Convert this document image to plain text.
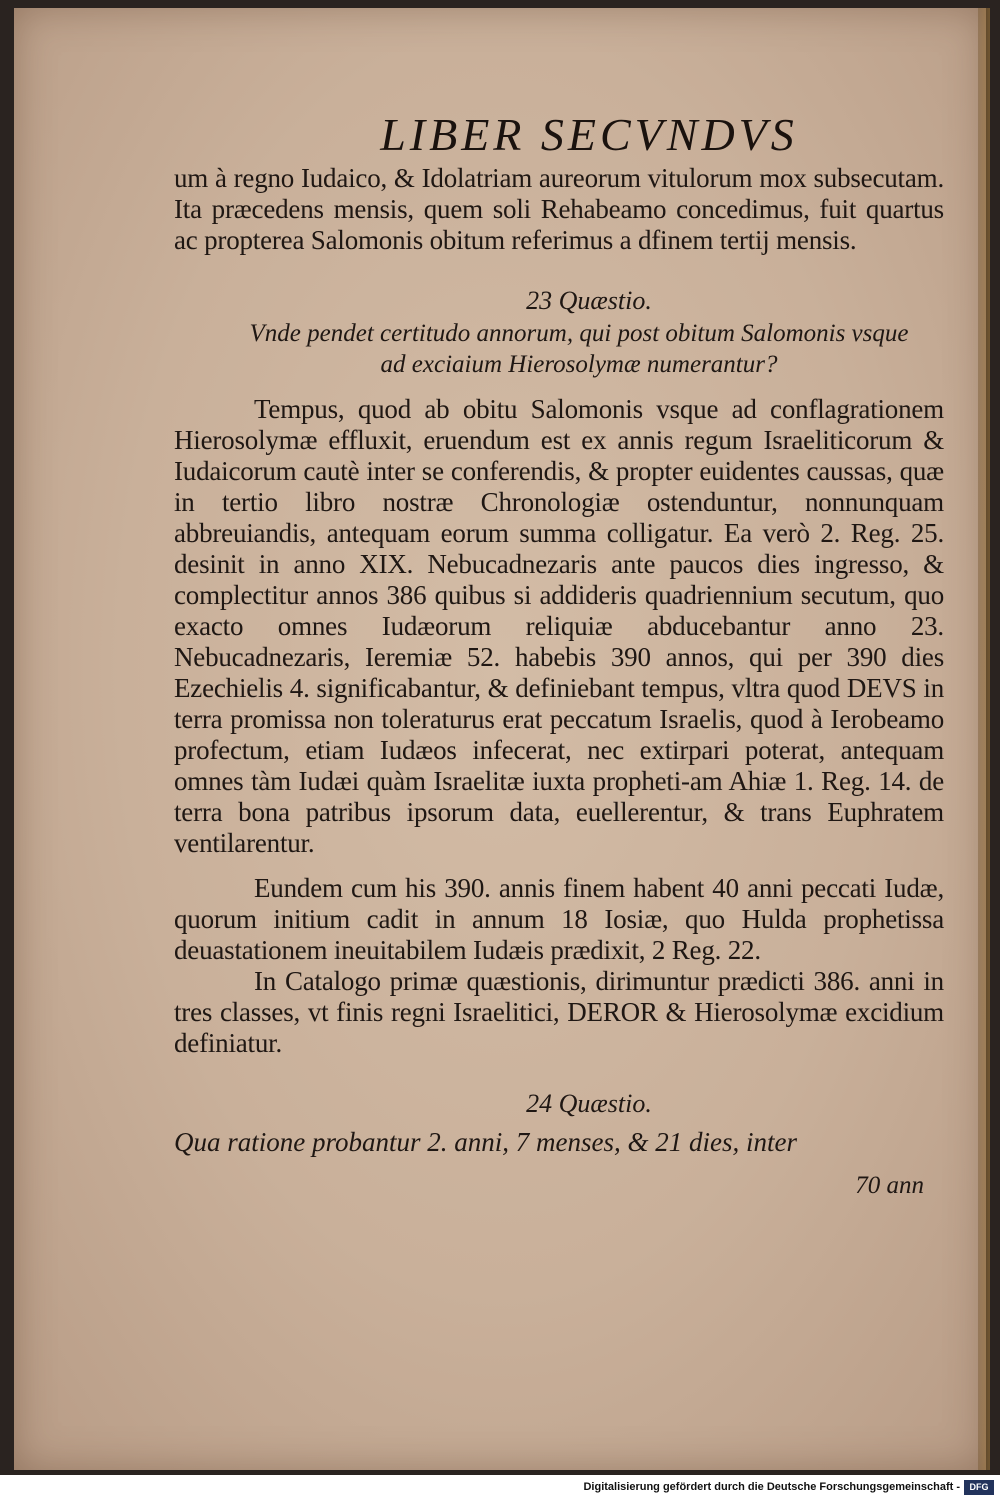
LIBER SECVNDVS

um à regno Iudaico, & Idolatriam aureorum vitulorum mox subsecutam. Ita præcedens mensis, quem soli Rehabeamo concedimus, fuit quartus ac propterea Salomonis obitum referimus a dfinem tertij mensis.

23 Quæstio.
Vnde pendet certitudo annorum, qui post obitum Salomonis vsque ad exciaium Hierosolymæ numerantur?

Tempus, quod ab obitu Salomonis vsque ad conflagrationem Hierosolymæ effluxit, eruendum est ex annis regum Israeliticorum & Iudaicorum cautè inter se conferendis, & propter euidentes caussas, quæ in tertio libro nostræ Chronologiæ ostenduntur, nonnunquam abbreuiandis, antequam eorum summa colligatur. Ea verò 2. Reg. 25. desinit in anno XIX. Nebucadnezaris ante paucos dies ingresso, & complectitur annos 386 quibus si addideris quadriennium secutum, quo exacto omnes Iudæorum reliquiæ abducebantur anno 23. Nebucadnezaris, Ieremiæ 52. habebis 390 annos, qui per 390 dies Ezechielis 4. significabantur, & definiebant tempus, vltra quod DEVS in terra promissa non toleraturus erat peccatum Israelis, quod à Ierobeamo profectum, etiam Iudæos infecerat, nec extirpari poterat, antequam omnes tàm Iudæi quàm Israelitæ iuxta propheti-am Ahiæ 1. Reg. 14. de terra bona patribus ipsorum data, euellerentur, & trans Euphratem ventilarentur.

Eundem cum his 390. annis finem habent 40 anni peccati Iudæ, quorum initium cadit in annum 18 Iosiæ, quo Hulda prophetissa deuastationem ineuitabilem Iudæis prædixit, 2 Reg. 22.

In Catalogo primæ quæstionis, dirimuntur prædicti 386. anni in tres classes, vt finis regni Israelitici, DEROR & Hierosolymæ excidium definiatur.

24 Quæstio.
Qua ratione probantur 2. anni, 7 menses, & 21 dies, inter
70 ann
Digitalisierung gefördert durch die Deutsche Forschungsgemeinschaft -	DFG
